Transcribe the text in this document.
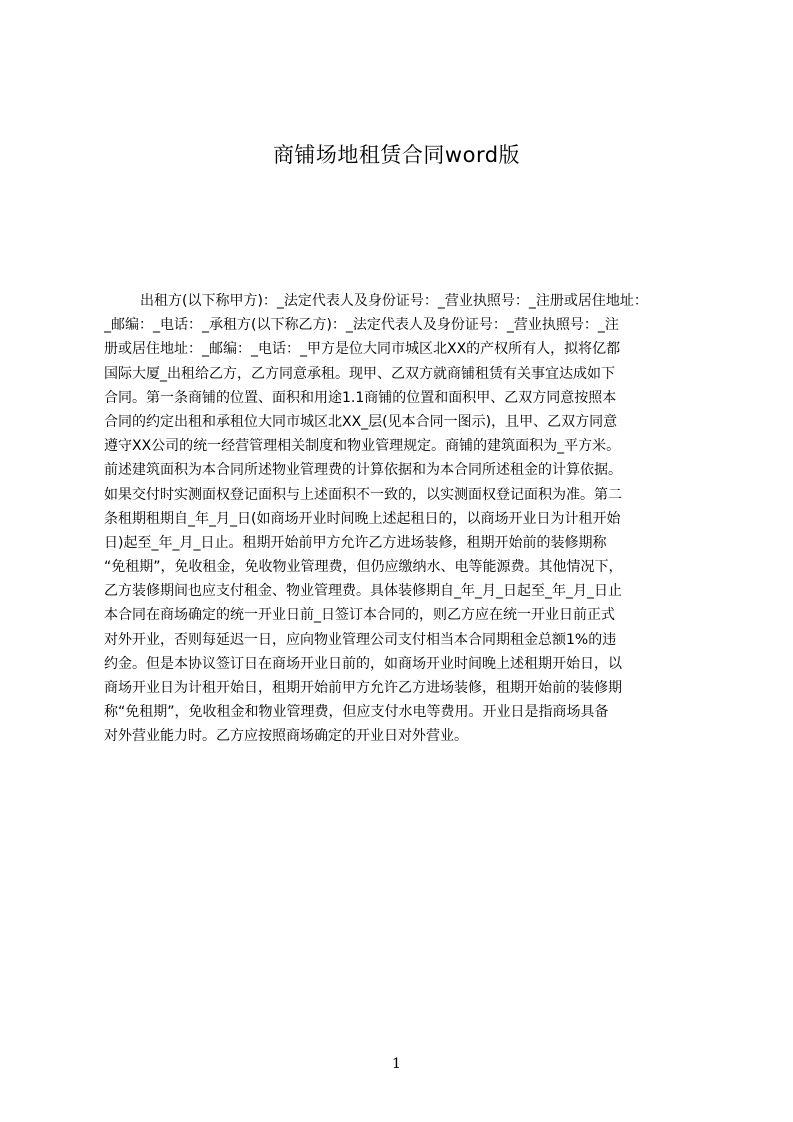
商铺场地租赁合同word版
出租方(以下称甲方)：_法定代表人及身份证号：_营业执照号：_注册或居住地址：
_邮编：_电话：_承租方(以下称乙方)：_法定代表人及身份证号：_营业执照号：_注
册或居住地址：_邮编：_电话：_甲方是位大同市城区北XX的产权所有人，拟将亿都
国际大厦_出租给乙方，乙方同意承租。现甲、乙双方就商铺租赁有关事宜达成如下
合同。第一条商铺的位置、面积和用途1.1商铺的位置和面积甲、乙双方同意按照本
合同的约定出租和承租位大同市城区北XX_层(见本合同一图示)，且甲、乙双方同意
遵守XX公司的统一经营管理相关制度和物业管理规定。商铺的建筑面积为_平方米。
前述建筑面积为本合同所述物业管理费的计算依据和为本合同所述租金的计算依据。
如果交付时实测面权登记面积与上述面积不一致的，以实测面权登记面积为准。第二
条租期租期自_年_月_日(如商场开业时间晚上述起租日的，以商场开业日为计租开始
日)起至_年_月_日止。租期开始前甲方允许乙方进场装修，租期开始前的装修期称
“免租期”，免收租金，免收物业管理费，但仍应缴纳水、电等能源费。其他情况下，
乙方装修期间也应支付租金、物业管理费。具体装修期自_年_月_日起至_年_月_日止
本合同在商场确定的统一开业日前_日签订本合同的，则乙方应在统一开业日前正式
对外开业，否则每延迟一日，应向物业管理公司支付相当本合同期租金总额1%的违
约金。但是本协议签订日在商场开业日前的，如商场开业时间晚上述租期开始日，以
商场开业日为计租开始日，租期开始前甲方允许乙方进场装修，租期开始前的装修期
称“免租期”，免收租金和物业管理费，但应支付水电等费用。开业日是指商场具备
对外营业能力时。乙方应按照商场确定的开业日对外营业。
1
